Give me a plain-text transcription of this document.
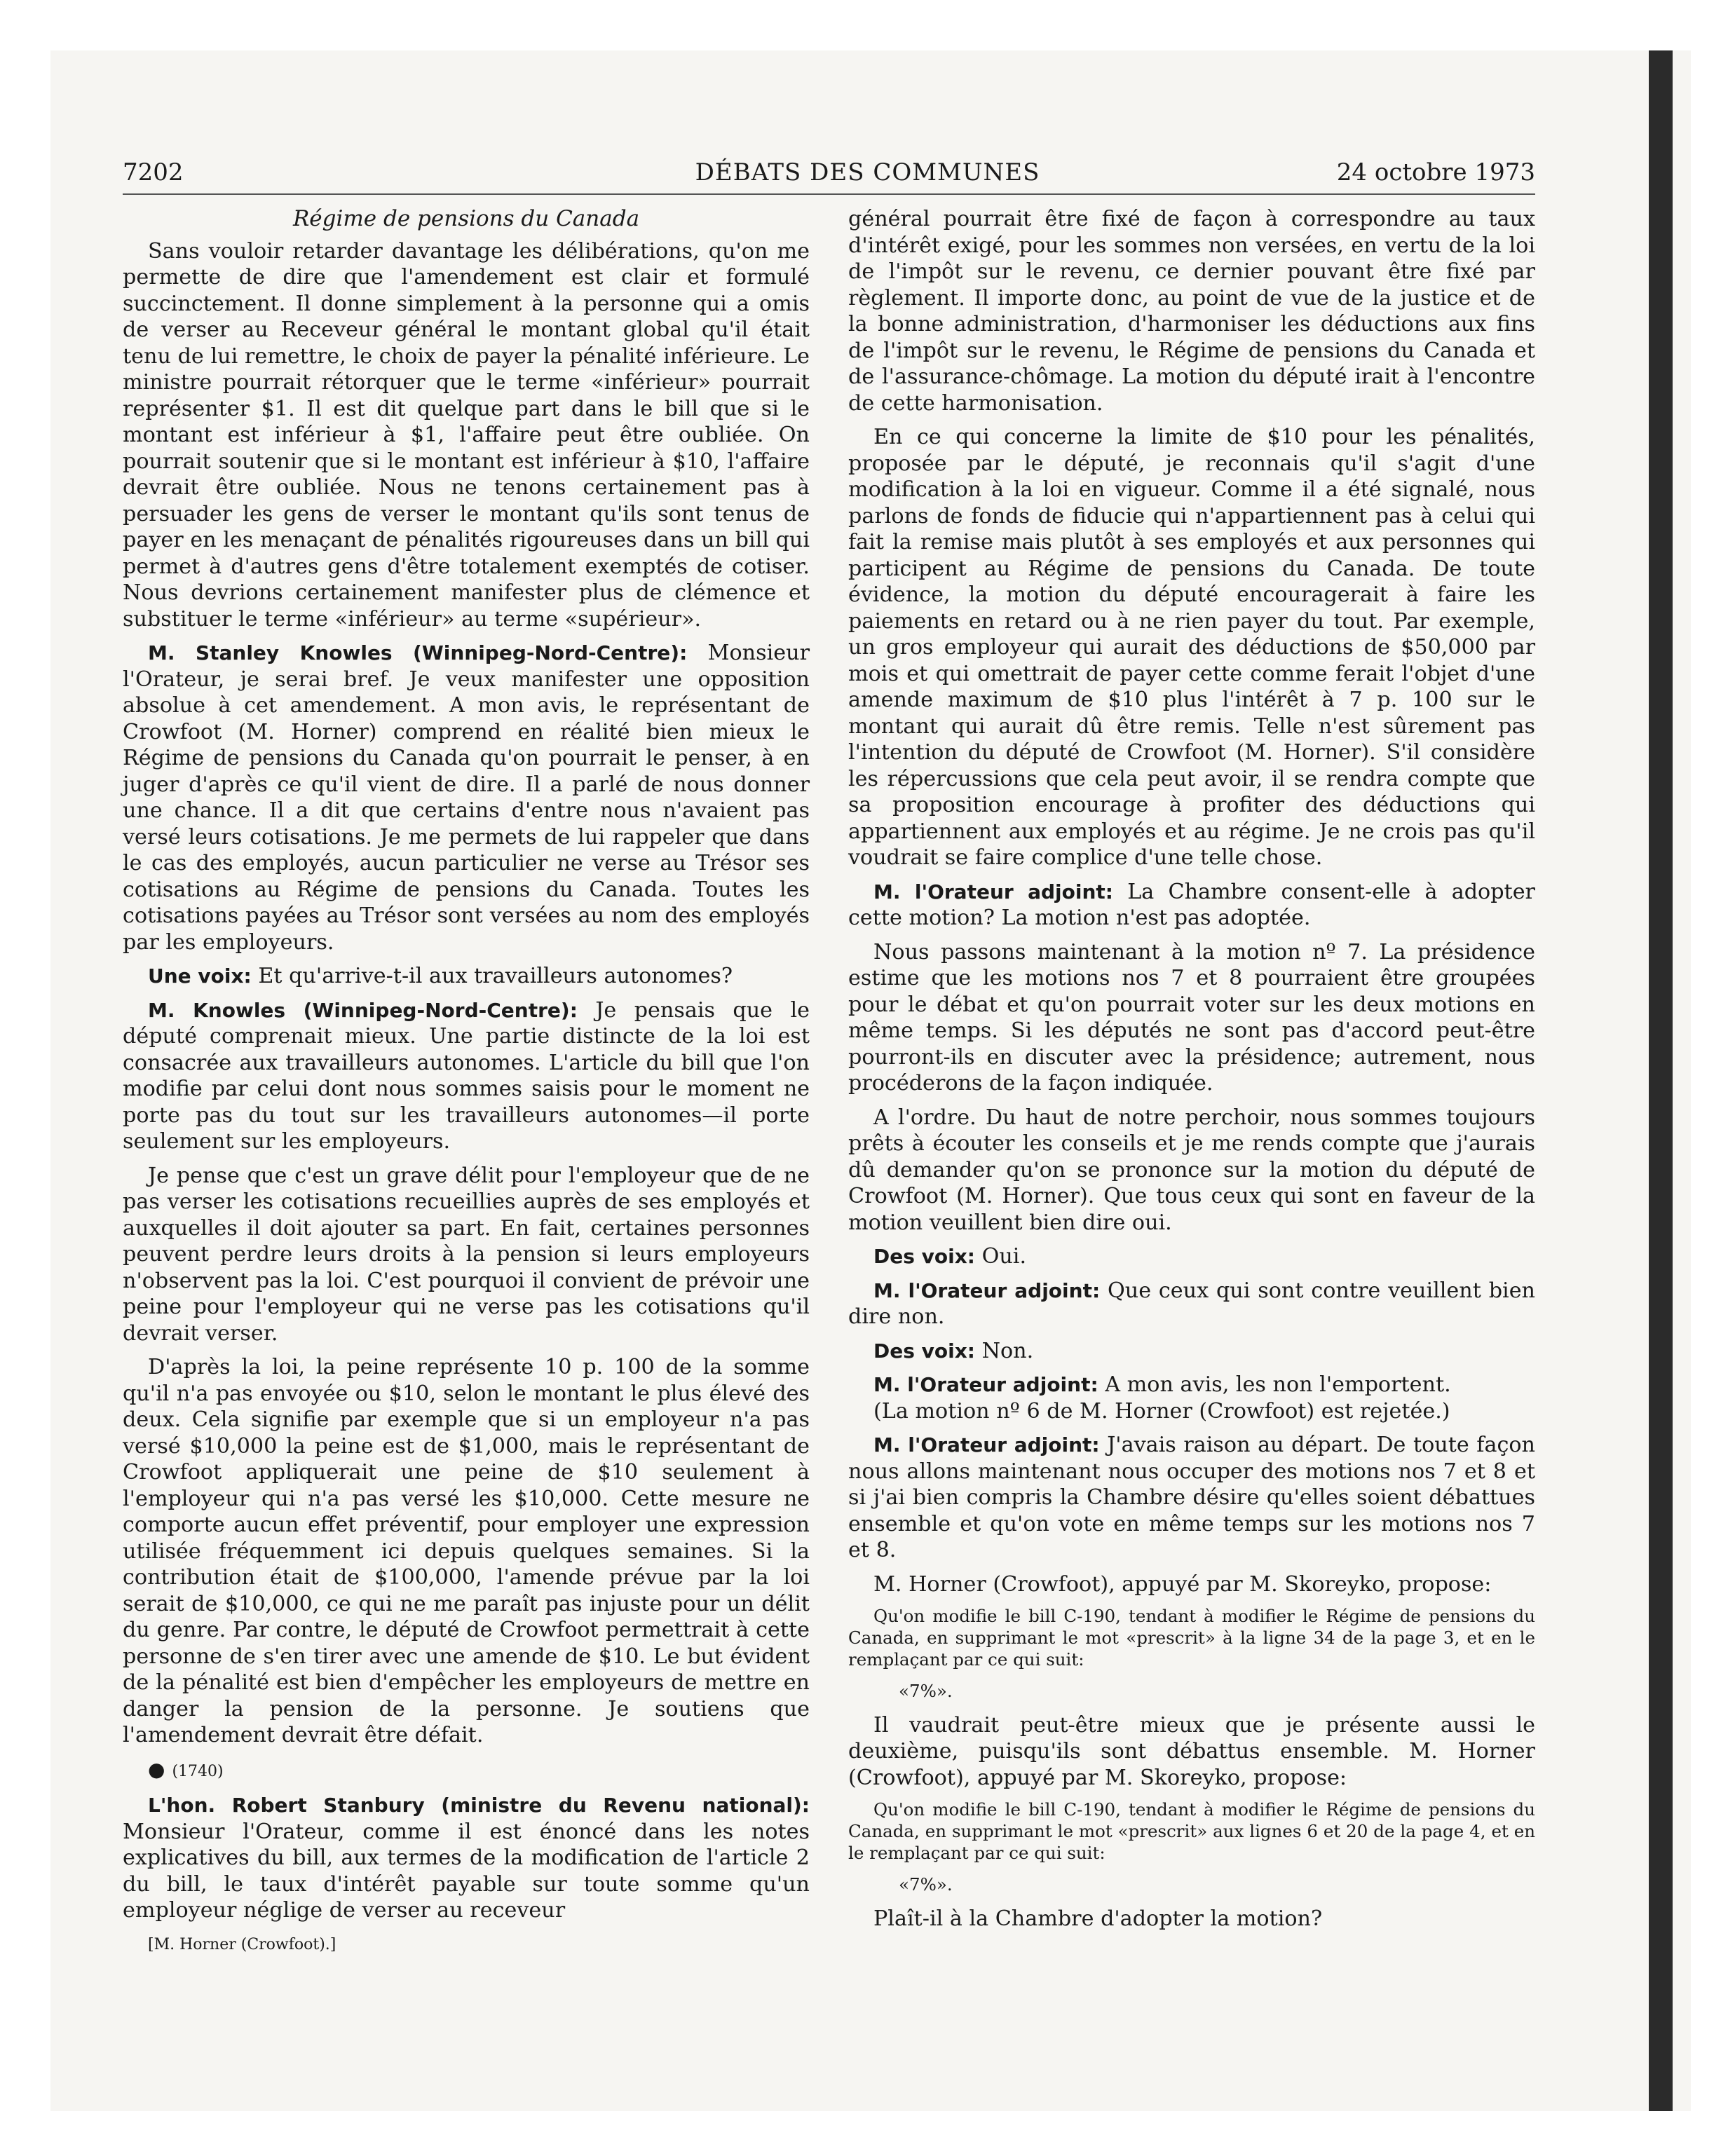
7202	DÉBATS DES COMMUNES	24 octobre 1973

Régime de pensions du Canada

Sans vouloir retarder davantage les délibérations, qu'on me permette de dire que l'amendement est clair et formulé succinctement. Il donne simplement à la personne qui a omis de verser au Receveur général le montant global qu'il était tenu de lui remettre, le choix de payer la pénalité inférieure. Le ministre pourrait rétorquer que le terme «inférieur» pourrait représenter $1. Il est dit quelque part dans le bill que si le montant est inférieur à $1, l'affaire peut être oubliée. On pourrait soutenir que si le montant est inférieur à $10, l'affaire devrait être oubliée. Nous ne tenons certainement pas à persuader les gens de verser le montant qu'ils sont tenus de payer en les menaçant de pénalités rigoureuses dans un bill qui permet à d'autres gens d'être totalement exemptés de cotiser. Nous devrions certainement manifester plus de clémence et substituer le terme «inférieur» au terme «supérieur».

M. Stanley Knowles (Winnipeg-Nord-Centre): Monsieur l'Orateur, je serai bref. Je veux manifester une opposition absolue à cet amendement. A mon avis, le représentant de Crowfoot (M. Horner) comprend en réalité bien mieux le Régime de pensions du Canada qu'on pourrait le penser, à en juger d'après ce qu'il vient de dire. Il a parlé de nous donner une chance. Il a dit que certains d'entre nous n'avaient pas versé leurs cotisations. Je me permets de lui rappeler que dans le cas des employés, aucun particulier ne verse au Trésor ses cotisations au Régime de pensions du Canada. Toutes les cotisations payées au Trésor sont versées au nom des employés par les employeurs.

Une voix: Et qu'arrive-t-il aux travailleurs autonomes?

M. Knowles (Winnipeg-Nord-Centre): Je pensais que le député comprenait mieux. Une partie distincte de la loi est consacrée aux travailleurs autonomes. L'article du bill que l'on modifie par celui dont nous sommes saisis pour le moment ne porte pas du tout sur les travailleurs autonomes—il porte seulement sur les employeurs.

Je pense que c'est un grave délit pour l'employeur que de ne pas verser les cotisations recueillies auprès de ses employés et auxquelles il doit ajouter sa part. En fait, certaines personnes peuvent perdre leurs droits à la pension si leurs employeurs n'observent pas la loi. C'est pourquoi il convient de prévoir une peine pour l'employeur qui ne verse pas les cotisations qu'il devrait verser.

D'après la loi, la peine représente 10 p. 100 de la somme qu'il n'a pas envoyée ou $10, selon le montant le plus élevé des deux. Cela signifie par exemple que si un employeur n'a pas versé $10,000 la peine est de $1,000, mais le représentant de Crowfoot appliquerait une peine de $10 seulement à l'employeur qui n'a pas versé les $10,000. Cette mesure ne comporte aucun effet préventif, pour employer une expression utilisée fréquemment ici depuis quelques semaines. Si la contribution était de $100,000, l'amende prévue par la loi serait de $10,000, ce qui ne me paraît pas injuste pour un délit du genre. Par contre, le député de Crowfoot permettrait à cette personne de s'en tirer avec une amende de $10. Le but évident de la pénalité est bien d'empêcher les employeurs de mettre en danger la pension de la personne. Je soutiens que l'amendement devrait être défait.

● (1740)

L'hon. Robert Stanbury (ministre du Revenu national): Monsieur l'Orateur, comme il est énoncé dans les notes explicatives du bill, aux termes de la modification de l'article 2 du bill, le taux d'intérêt payable sur toute somme qu'un employeur néglige de verser au receveur

[M. Horner (Crowfoot).]

général pourrait être fixé de façon à correspondre au taux d'intérêt exigé, pour les sommes non versées, en vertu de la loi de l'impôt sur le revenu, ce dernier pouvant être fixé par règlement. Il importe donc, au point de vue de la justice et de la bonne administration, d'harmoniser les déductions aux fins de l'impôt sur le revenu, le Régime de pensions du Canada et de l'assurance-chômage. La motion du député irait à l'encontre de cette harmonisation.

En ce qui concerne la limite de $10 pour les pénalités, proposée par le député, je reconnais qu'il s'agit d'une modification à la loi en vigueur. Comme il a été signalé, nous parlons de fonds de fiducie qui n'appartiennent pas à celui qui fait la remise mais plutôt à ses employés et aux personnes qui participent au Régime de pensions du Canada. De toute évidence, la motion du député encouragerait à faire les paiements en retard ou à ne rien payer du tout. Par exemple, un gros employeur qui aurait des déductions de $50,000 par mois et qui omettrait de payer cette comme ferait l'objet d'une amende maximum de $10 plus l'intérêt à 7 p. 100 sur le montant qui aurait dû être remis. Telle n'est sûrement pas l'intention du député de Crowfoot (M. Horner). S'il considère les répercussions que cela peut avoir, il se rendra compte que sa proposition encourage à profiter des déductions qui appartiennent aux employés et au régime. Je ne crois pas qu'il voudrait se faire complice d'une telle chose.

M. l'Orateur adjoint: La Chambre consent-elle à adopter cette motion? La motion n'est pas adoptée.

Nous passons maintenant à la motion nº 7. La présidence estime que les motions nos 7 et 8 pourraient être groupées pour le débat et qu'on pourrait voter sur les deux motions en même temps. Si les députés ne sont pas d'accord peut-être pourront-ils en discuter avec la présidence; autrement, nous procéderons de la façon indiquée.

A l'ordre. Du haut de notre perchoir, nous sommes toujours prêts à écouter les conseils et je me rends compte que j'aurais dû demander qu'on se prononce sur la motion du député de Crowfoot (M. Horner). Que tous ceux qui sont en faveur de la motion veuillent bien dire oui.

Des voix: Oui.

M. l'Orateur adjoint: Que ceux qui sont contre veuillent bien dire non.

Des voix: Non.

M. l'Orateur adjoint: A mon avis, les non l'emportent.

(La motion nº 6 de M. Horner (Crowfoot) est rejetée.)

M. l'Orateur adjoint: J'avais raison au départ. De toute façon nous allons maintenant nous occuper des motions nos 7 et 8 et si j'ai bien compris la Chambre désire qu'elles soient débattues ensemble et qu'on vote en même temps sur les motions nos 7 et 8.

M. Horner (Crowfoot), appuyé par M. Skoreyko, propose:

Qu'on modifie le bill C-190, tendant à modifier le Régime de pensions du Canada, en supprimant le mot «prescrit» à la ligne 34 de la page 3, et en le remplaçant par ce qui suit:

«7%».

Il vaudrait peut-être mieux que je présente aussi le deuxième, puisqu'ils sont débattus ensemble. M. Horner (Crowfoot), appuyé par M. Skoreyko, propose:

Qu'on modifie le bill C-190, tendant à modifier le Régime de pensions du Canada, en supprimant le mot «prescrit» aux lignes 6 et 20 de la page 4, et en le remplaçant par ce qui suit:

«7%».

Plaît-il à la Chambre d'adopter la motion?
